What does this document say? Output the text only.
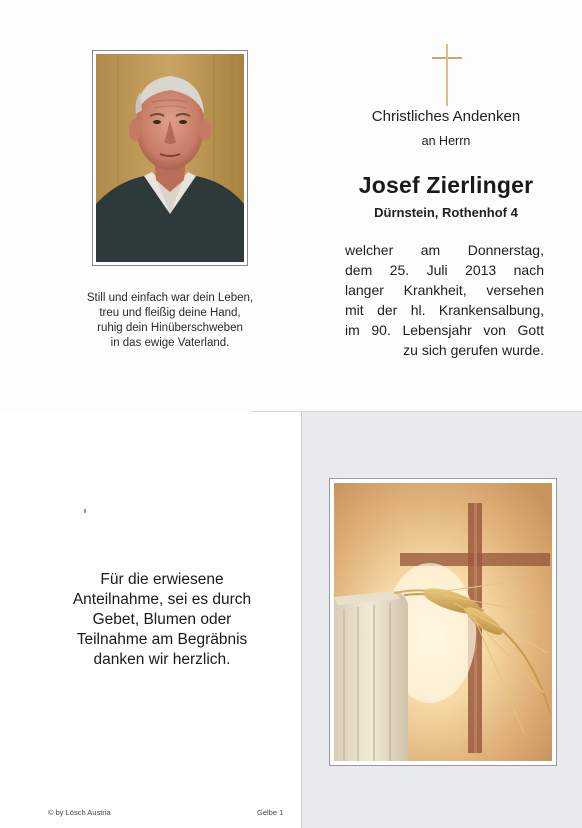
Still und einfach war dein Leben,
treu und fleißig deine Hand,
ruhig dein Hinüberschweben
in das ewige Vaterland.
Christliches Andenken
an Herrn
Josef Zierlinger
Dürnstein, Rothenhof 4
welcher am Donnerstag,
dem 25. Juli 2013 nach
langer Krankheit, versehen
mit der hl. Krankensalbung,
im 90. Lebensjahr von Gott
zu sich gerufen wurde.
Für die erwiesene
Anteilnahme, sei es durch
Gebet, Blumen oder
Teilnahme am Begräbnis
danken wir herzlich.
© by Lösch Austria	Gelbe 1
